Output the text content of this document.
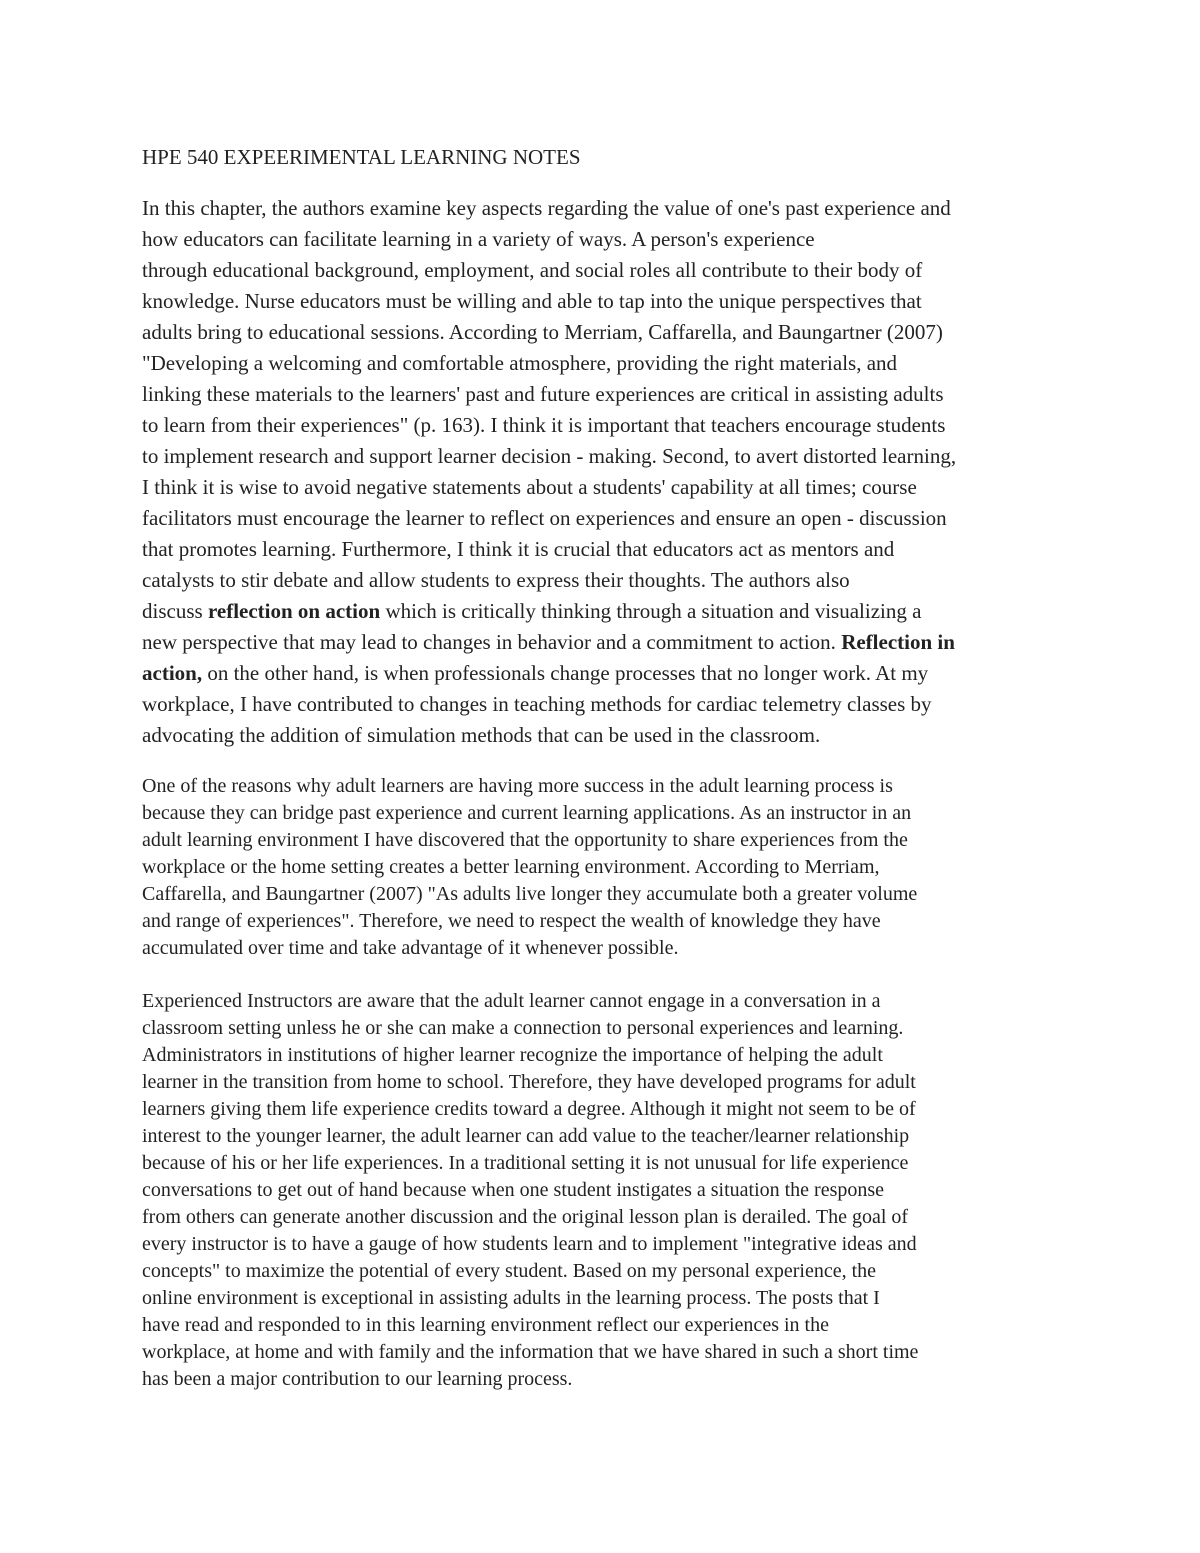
HPE 540 EXPEERIMENTAL LEARNING NOTES
In this chapter, the authors examine key aspects regarding the value of one's past experience and
how educators can facilitate learning in a variety of ways. A person's experience
through educational background, employment, and social roles all contribute to their body of
knowledge. Nurse educators must be willing and able to tap into the unique perspectives that
adults bring to educational sessions. According to Merriam, Caffarella, and Baungartner (2007)
"Developing a welcoming and comfortable atmosphere, providing the right materials, and
linking these materials to the learners' past and future experiences are critical in assisting adults
to learn from their experiences" (p. 163). I think it is important that teachers encourage students
to implement research and support learner decision - making. Second, to avert distorted learning,
I think it is wise to avoid negative statements about a students' capability at all times; course
facilitators must encourage the learner to reflect on experiences and ensure an open - discussion
that promotes learning. Furthermore, I think it is crucial that educators act as mentors and
catalysts to stir debate and allow students to express their thoughts. The authors also
discuss reflection on action which is critically thinking through a situation and visualizing a
new perspective that may lead to changes in behavior and a commitment to action. Reflection in
action, on the other hand, is when professionals change processes that no longer work. At my
workplace, I have contributed to changes in teaching methods for cardiac telemetry classes by
advocating the addition of simulation methods that can be used in the classroom.
One of the reasons why adult learners are having more success in the adult learning process is
because they can bridge past experience and current learning applications. As an instructor in an
adult learning environment I have discovered that the opportunity to share experiences from the
workplace or the home setting creates a better learning environment. According to Merriam,
Caffarella, and Baungartner (2007) "As adults live longer they accumulate both a greater volume
and range of experiences". Therefore, we need to respect the wealth of knowledge they have
accumulated over time and take advantage of it whenever possible.
Experienced Instructors are aware that the adult learner cannot engage in a conversation in a
classroom setting unless he or she can make a connection to personal experiences and learning.
Administrators in institutions of higher learner recognize the importance of helping the adult
learner in the transition from home to school. Therefore, they have developed programs for adult
learners giving them life experience credits toward a degree. Although it might not seem to be of
interest to the younger learner, the adult learner can add value to the teacher/learner relationship
because of his or her life experiences. In a traditional setting it is not unusual for life experience
conversations to get out of hand because when one student instigates a situation the response
from others can generate another discussion and the original lesson plan is derailed. The goal of
every instructor is to have a gauge of how students learn and to implement "integrative ideas and
concepts" to maximize the potential of every student. Based on my personal experience, the
online environment is exceptional in assisting adults in the learning process. The posts that I
have read and responded to in this learning environment reflect our experiences in the
workplace, at home and with family and the information that we have shared in such a short time
has been a major contribution to our learning process.
